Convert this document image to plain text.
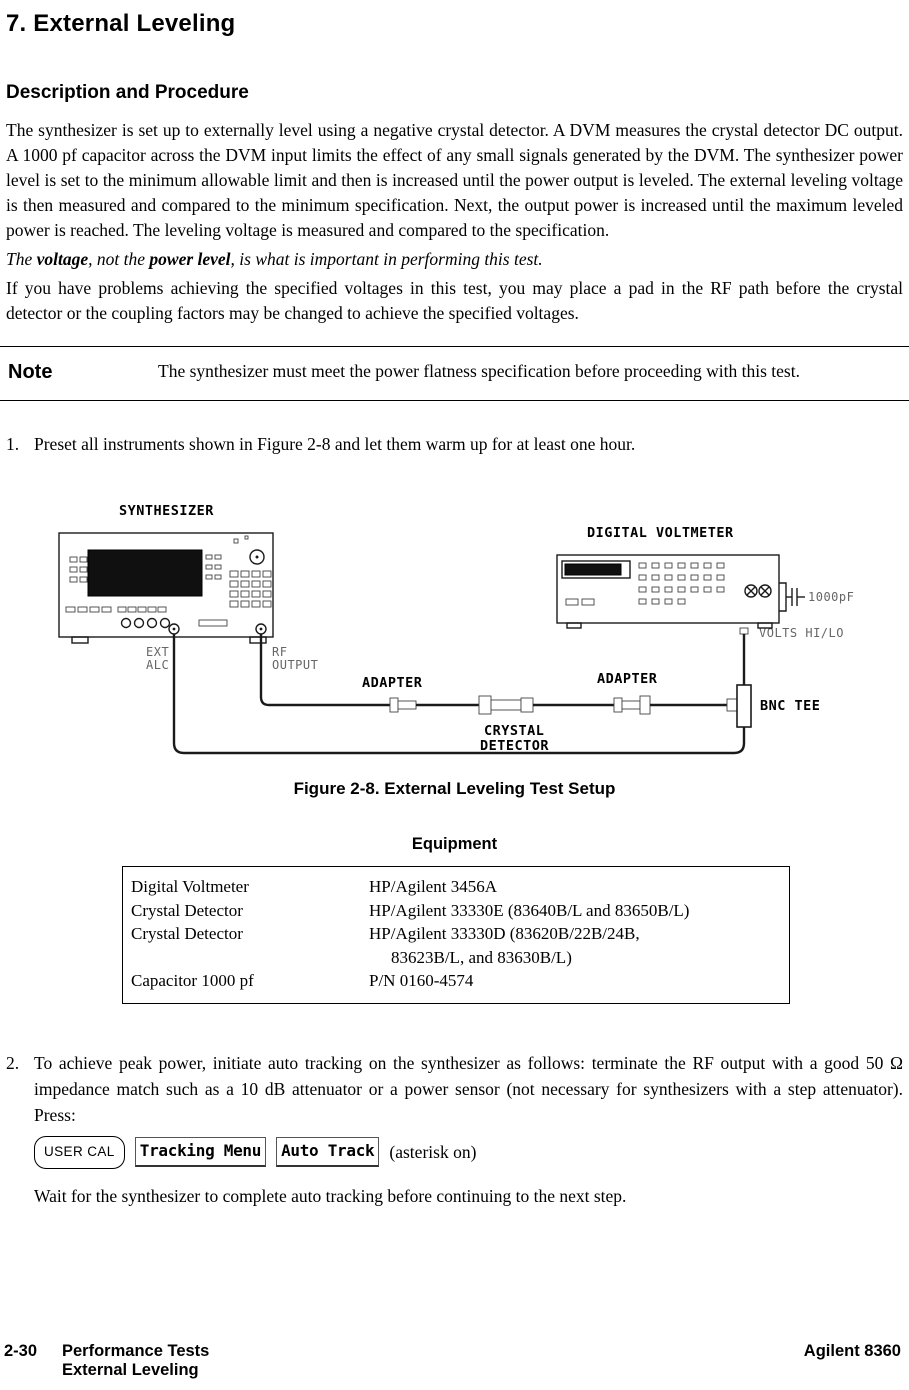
7. External Leveling
Description and Procedure

The synthesizer is set up to externally level using a negative crystal detector. A DVM measures the crystal detector DC output. A 1000 pf capacitor across the DVM input limits the effect of any small signals generated by the DVM. The synthesizer power level is set to the minimum allowable limit and then is increased until the power output is leveled. The external leveling voltage is then measured and compared to the minimum specification. Next, the output power is increased until the maximum leveled power is reached. The leveling voltage is measured and compared to the specification.

The voltage, not the power level, is what is important in performing this test.

If you have problems achieving the specified voltages in this test, you may place a pad in the RF path before the crystal detector or the coupling factors may be changed to achieve the specified voltages.

Note	The synthesizer must meet the power flatness specification before proceeding with this test.
1. Preset all instruments shown in Figure 2-8 and let them warm up for at least one hour.
SYNTHESIZER
EXT
ALC
RF
OUTPUT
DIGITAL VOLTMETER
1000pF
VOLTS HI/LO
ADAPTER	ADAPTER
CRYSTAL
DETECTOR
BNC TEE
Figure 2-8. External Leveling Test Setup
Equipment
Digital Voltmeter	HP/Agilent 3456A
Crystal Detector	HP/Agilent 33330E (83640B/L and 83650B/L)
Crystal Detector	HP/Agilent 33330D (83620B/22B/24B,
83623B/L, and 83630B/L)
Capacitor 1000 pf	P/N 0160-4574
2. To achieve peak power, initiate auto tracking on the synthesizer as follows: terminate the RF output with a good 50 Ω impedance match such as a 10 dB attenuator or a power sensor (not necessary for synthesizers with a step attenuator). Press:
USER CAL	Tracking Menu	Auto Track (asterisk on)
Wait for the synthesizer to complete auto tracking before continuing to the next step.
2-30	Performance Tests
External Leveling
Agilent 8360
